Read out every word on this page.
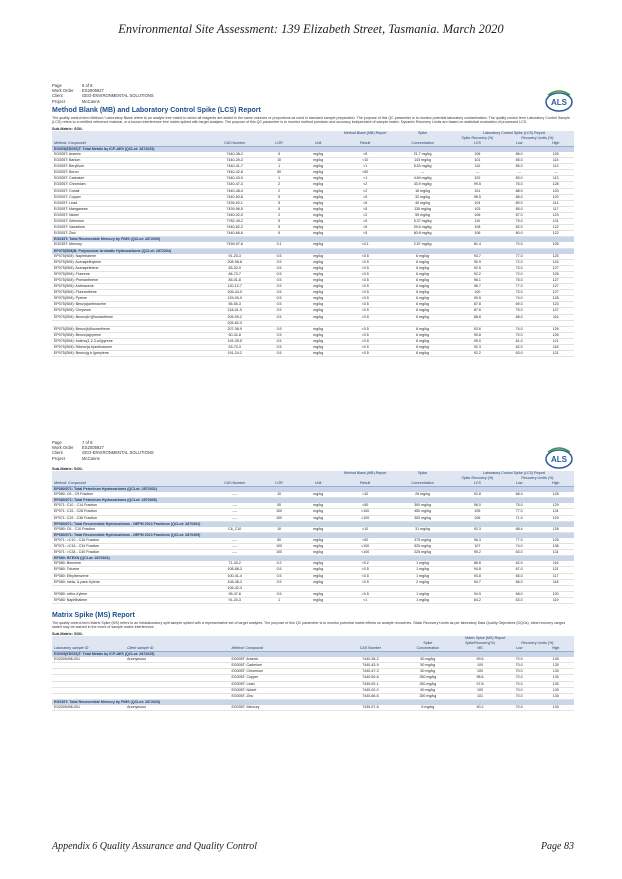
Environmental Site Assessment: 139 Elizabeth Street, Tasmania. March 2020
Page	6 of 8
Work Order	ES2005927
Client	GEO-ENVIRONMENTAL SOLUTIONS
Project	McCanns	ALS
Method Blank (MB) and Laboratory Control Spike (LCS) Report
The quality control term Method / Laboratory Blank refers to an analyte free matrix to which all reagents are added in the same volumes or proportions as used in standard sample preparation. The purpose of this QC parameter is to monitor potential laboratory contamination. The quality control term Laboratory Control Sample (LCS) refers to a certified reference material, or a known interference free matrix spiked with target analytes. The purpose of this QC parameter is to monitor method precision and accuracy independent of sample matrix. Dynamic Recovery Limits are based on statistical evaluation of processed LCS.
Sub-Matrix: SOIL
				Method Blank (MB) Report	Spike	Laboratory Control Spike (LCS) Report		
						Spike Recovery (%)	Recovery Limits (%)	
Method: Compound	CAS Number	LOR	Unit	Result	Concentration	LCS	Low	High
EG005(ED093)T: Total Metals by ICP-AES (QCLot: 2872025)								
EG005T: Arsenic	7440-38-2	5	mg/kg	<5	21.7 mg/kg	106	86.0	126
EG005T: Barium	7440-39-3	10	mg/kg	<10	143 mg/kg	101	85.0	115
EG005T: Beryllium	7440-41-7	1	mg/kg	<1	5.63 mg/kg	110	85.0	113
EG005T: Boron	7440-42-8	50	mg/kg	<50	---	---	---	---
EG005T: Cadmium	7440-43-9	1	mg/kg	<1	4.64 mg/kg	102	83.0	113
EG005T: Chromium	7440-47-3	2	mg/kg	<2	43.9 mg/kg	99.5	76.0	128
EG005T: Cobalt	7440-48-4	2	mg/kg	<2	16 mg/kg	101	88.0	120
EG005T: Copper	7440-50-8	5	mg/kg	<5	32 mg/kg	96.5	86.0	120
EG005T: Lead	7439-92-1	5	mg/kg	<5	40 mg/kg	104	80.0	114
EG005T: Manganese	7439-96-5	5	mg/kg	<5	130 mg/kg	103	85.0	117
EG005T: Nickel	7440-02-0	2	mg/kg	<2	55 mg/kg	106	87.0	123
EG005T: Selenium	7782-49-2	5	mg/kg	<5	5.37 mg/kg	110	75.0	131
EG005T: Vanadium	7440-62-2	5	mg/kg	<5	29.6 mg/kg	108	82.0	122
EG005T: Zinc	7440-66-6	5	mg/kg	<5	60.8 mg/kg	106	80.0	122
EG035T: Total Recoverable Mercury by FIMS (QCLot: 2872026)								
EG035T: Mercury	7439-97-6	0.1	mg/kg	<0.1	2.57 mg/kg	81.4	70.0	105
EP075(SIM)B: Polynuclear Aromatic Hydrocarbons (QCLot: 2872304)								
EP075(SIM): Naphthalene	91-20-3	0.5	mg/kg	<0.5	6 mg/kg	93.7	77.0	125
EP075(SIM): Acenaphthylene	208-96-8	0.5	mg/kg	<0.5	6 mg/kg	90.9	72.0	124
EP075(SIM): Acenaphthene	83-32-9	0.5	mg/kg	<0.5	6 mg/kg	92.5	73.0	127
EP075(SIM): Fluorene	86-73-7	0.5	mg/kg	<0.5	6 mg/kg	92.2	72.0	126
EP075(SIM): Phenanthrene	85-01-8	0.5	mg/kg	<0.5	6 mg/kg	96.1	75.0	127
EP075(SIM): Anthracene	120-12-7	0.5	mg/kg	<0.5	6 mg/kg	96.7	77.0	127
EP075(SIM): Fluoranthene	206-44-0	0.5	mg/kg	<0.5	6 mg/kg	100	73.0	127
EP075(SIM): Pyrene	129-00-0	0.5	mg/kg	<0.5	6 mg/kg	99.5	74.0	128
EP075(SIM): Benz(a)anthracene	56-55-3	0.5	mg/kg	<0.5	6 mg/kg	87.8	69.0	123
EP075(SIM): Chrysene	218-01-9	0.5	mg/kg	<0.5	6 mg/kg	87.6	75.0	127
EP075(SIM): Benzo(b+j)fluoranthene	205-99-2	0.5	mg/kg	<0.5	6 mg/kg	88.8	68.0	116
	205-82-3							
EP075(SIM): Benzo(k)fluoranthene	207-08-9	0.5	mg/kg	<0.5	6 mg/kg	93.6	74.0	126
EP075(SIM): Benzo(a)pyrene	50-32-8	0.5	mg/kg	<0.5	6 mg/kg	90.8	70.0	126
EP075(SIM): Indeno(1.2.3.cd)pyrene	193-39-5	0.5	mg/kg	<0.5	6 mg/kg	95.0	61.0	121
EP075(SIM): Dibenz(a.h)anthracene	53-70-3	0.5	mg/kg	<0.5	6 mg/kg	92.3	62.0	118
EP075(SIM): Benzo(g.h.i)perylene	191-24-2	0.5	mg/kg	<0.5	6 mg/kg	92.2	63.0	121
Page	7 of 8
Work Order	ES2005927
Client	GEO-ENVIRONMENTAL SOLUTIONS
Project	McCanns	ALS
Sub-Matrix: SOIL
				Method Blank (MB) Report	Spike	Laboratory Control Spike (LCS) Report		
						Spike Recovery (%)	Recovery Limits (%)	
Method: Compound	CAS Number	LOR	Unit	Result	Concentration	LCS	Low	High
EP080/071: Total Petroleum Hydrocarbons (QCLot: 2870302)								
EP080: C6 - C9 Fraction	----	10	mg/kg	<10	26 mg/kg	92.8	68.4	128
EP080/071: Total Petroleum Hydrocarbons (QCLot: 2870305)								
EP071: C10 - C14 Fraction	----	50	mg/kg	<50	300 mg/kg	98.0	75.0	129
EP071: C15 - C28 Fraction	----	100	mg/kg	<100	450 mg/kg	105	77.0	131
EP071: C29 - C36 Fraction	----	100	mg/kg	<100	300 mg/kg	106	71.0	129
EP080/071: Total Recoverable Hydrocarbons - NEPM 2013 Fractions (QCLot: 2870302)								
EP080: C6 - C10 Fraction	C6_C10	10	mg/kg	<10	31 mg/kg	92.3	68.4	128
EP080/071: Total Recoverable Hydrocarbons - NEPM 2013 Fractions (QCLot: 2870305)								
EP071: >C10 - C16 Fraction	----	50	mg/kg	<50	375 mg/kg	96.3	77.0	125
EP071: >C16 - C34 Fraction	----	100	mg/kg	<100	525 mg/kg	107	74.0	138
EP071: >C34 - C40 Fraction	----	100	mg/kg	<100	225 mg/kg	95.2	63.0	131
EP080: BTEXN (QCLot: 2870302)								
EP080: Benzene	71-43-2	0.2	mg/kg	<0.2	1 mg/kg	86.6	62.0	116
EP080: Toluene	108-88-3	0.5	mg/kg	<0.5	1 mg/kg	94.8	67.0	121
EP080: Ethylbenzene	100-41-4	0.5	mg/kg	<0.5	1 mg/kg	93.8	65.0	117
EP080: meta- & para-Xylene	108-38-3	0.5	mg/kg	<0.5	2 mg/kg	94.7	66.0	118
	106-42-3							
EP080: ortho-Xylene	95-47-6	0.5	mg/kg	<0.5	1 mg/kg	94.5	68.0	120
EP080: Naphthalene	91-20-3	1	mg/kg	<1	1 mg/kg	84.2	63.0	119
Matrix Spike (MS) Report
The quality control term Matrix Spike (MS) refers to an intralaboratory split sample spiked with a representative set of target analytes. The purpose of this QC parameter is to monitor potential matrix effects on analyte recoveries. Static Recovery Limits as per laboratory Data Quality Objectives (DQOs). Ideal recovery ranges stated may be waived in the event of sample matrix interference.
Sub-Matrix: SOIL
				Matrix Spike (MS) Report			
				Spike	SpikeRecovery(%)	Recovery Limits (%)	
Laboratory sample ID	Client sample ID	Method: Compound	CAS Number	Concentration	MS	Low	High
EG005(ED093)T: Total Metals by ICP-AES (QCLot: 2872025)							
ES2005496-001	Anonymous	EG005T: Arsenic	7440-38-2	50 mg/kg	99.6	70.0	130
		EG005T: Cadmium	7440-43-9	50 mg/kg	100	70.0	130
		EG005T: Chromium	7440-47-3	50 mg/kg	100	70.0	130
		EG005T: Copper	7440-50-8	250 mg/kg	98.6	70.0	130
		EG005T: Lead	7439-92-1	250 mg/kg	97.8	70.0	130
		EG005T: Nickel	7440-02-0	50 mg/kg	100	70.0	130
		EG005T: Zinc	7440-66-6	250 mg/kg	101	70.0	130
EG035T: Total Recoverable Mercury by FIMS (QCLot: 2872026)							
ES2005496-001	Anonymous	EG035T: Mercury	7439-97-6	5 mg/kg	90.2	70.0	130
Appendix 6 Quality Assurance and Quality Control	Page 83
